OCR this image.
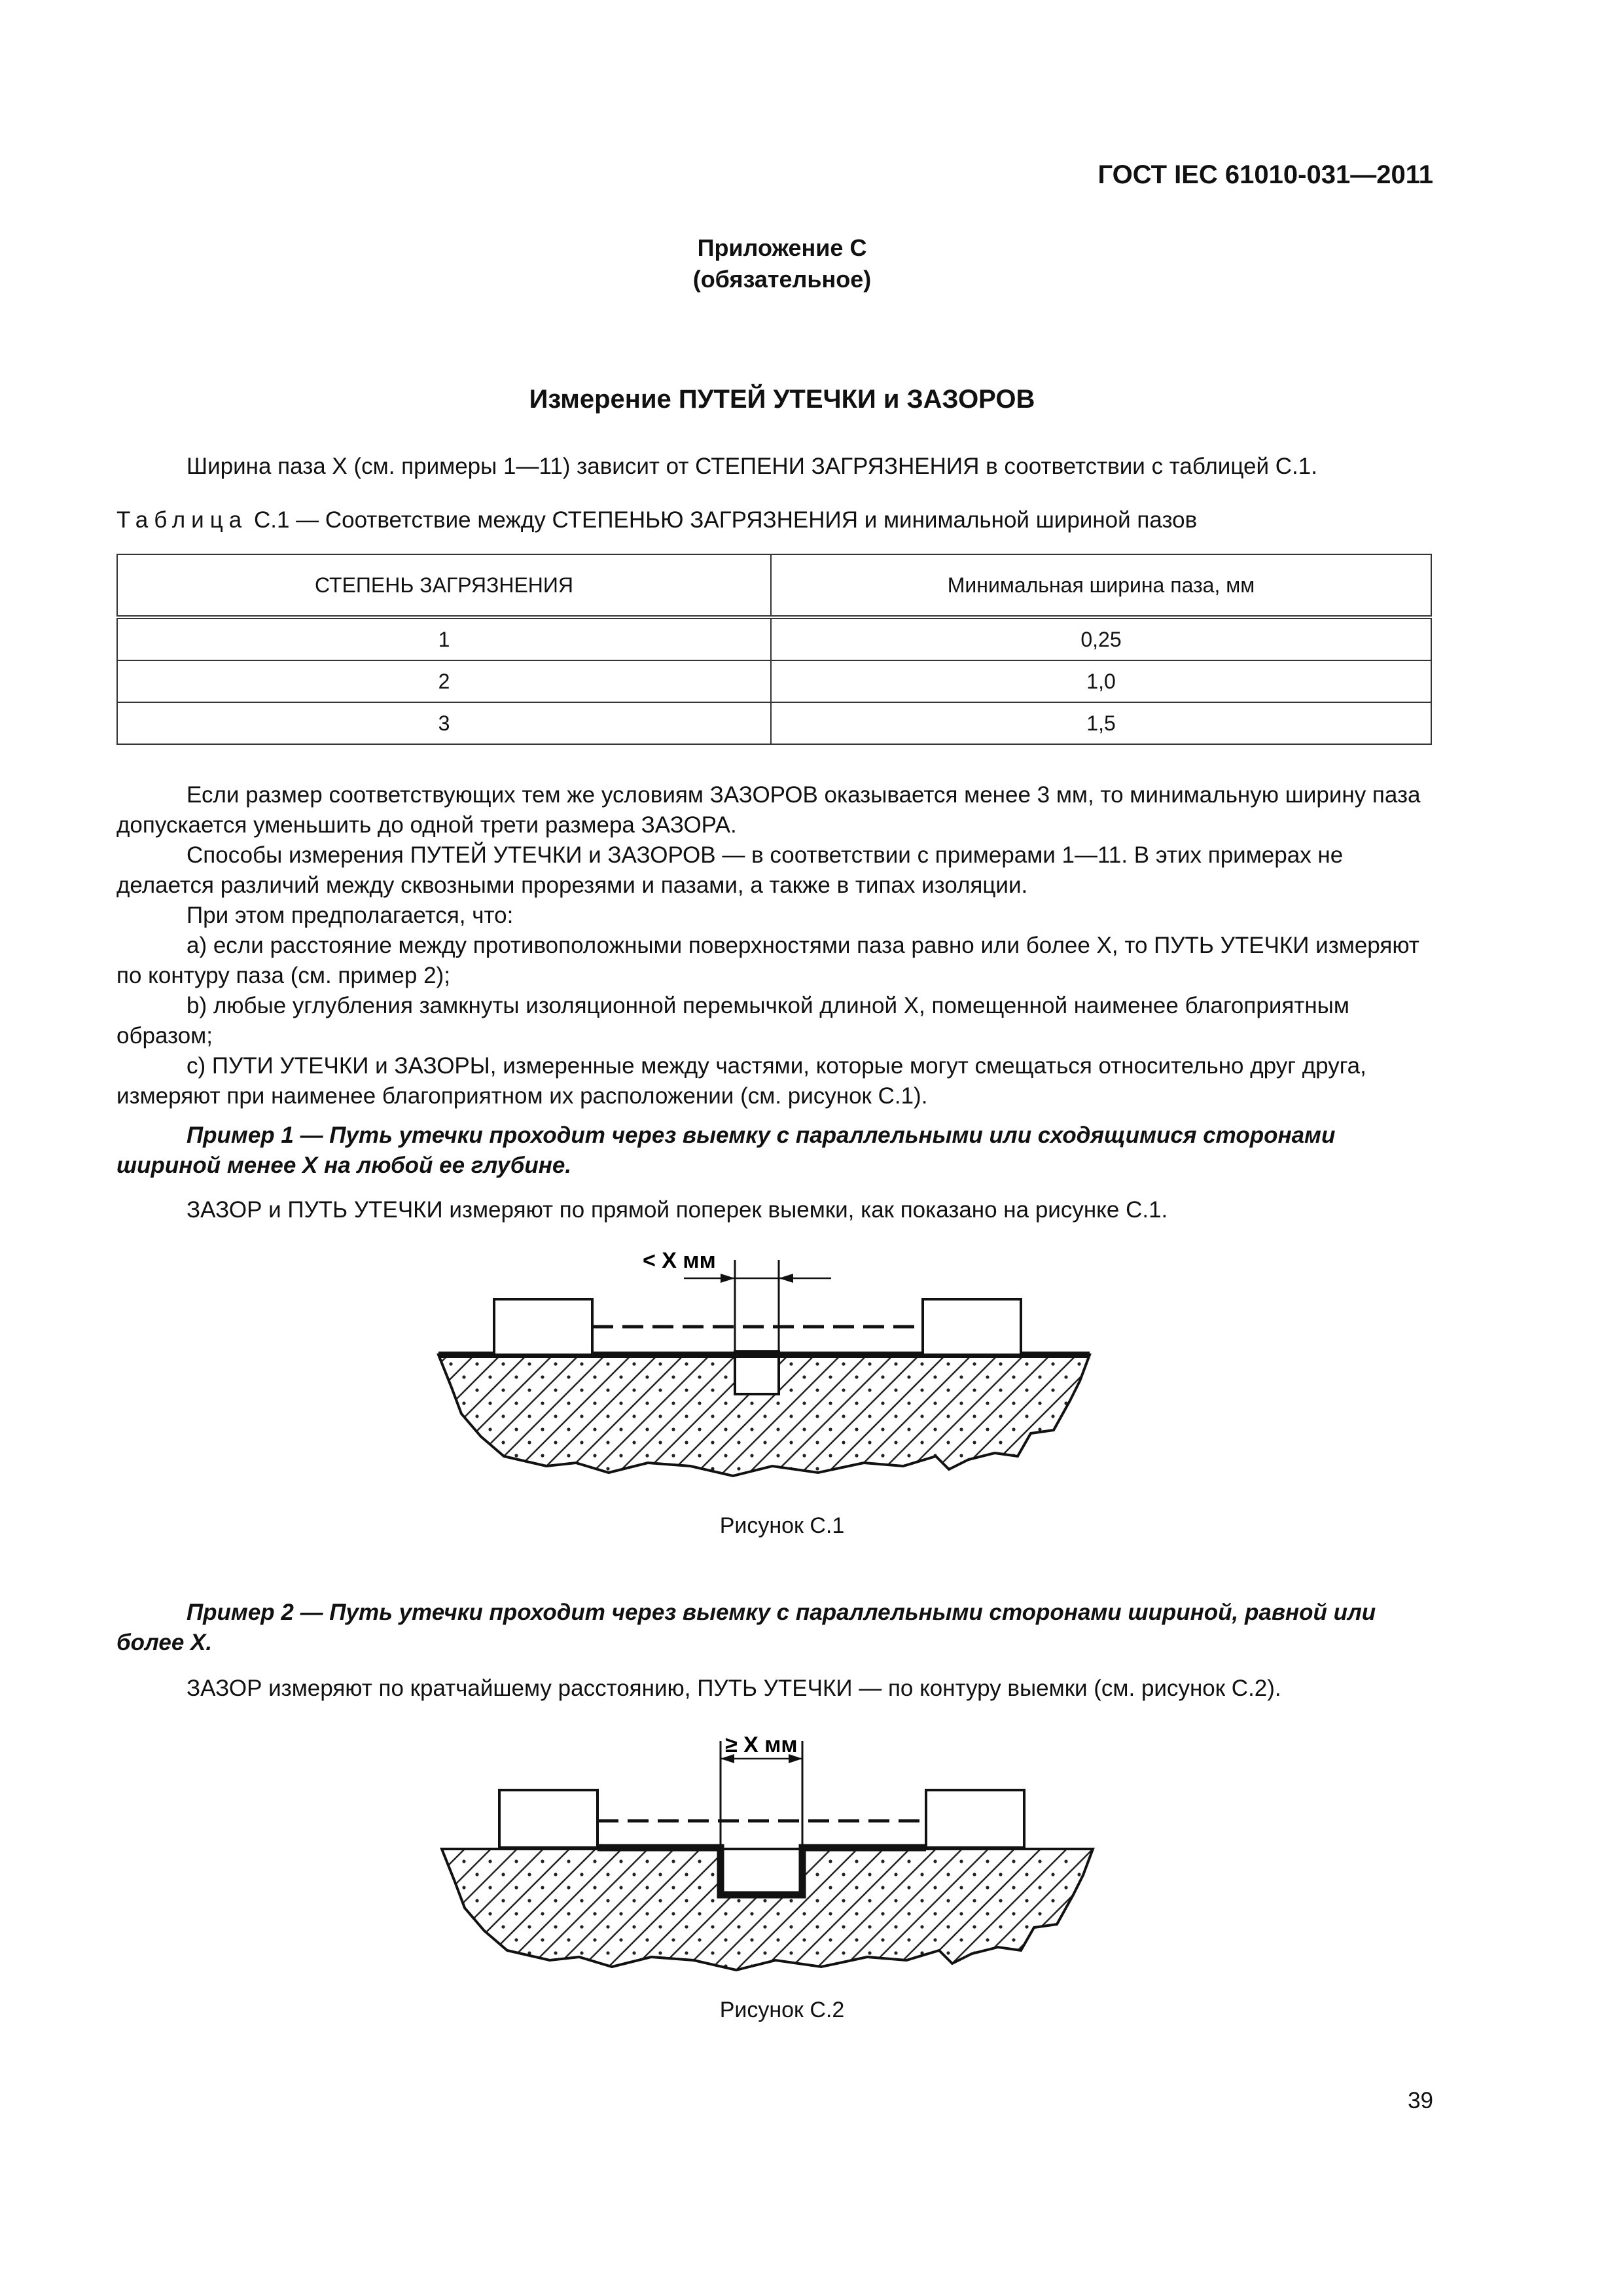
ГОСТ IEC 61010-031—2011
Приложение С
(обязательное)
Измерение ПУТЕЙ УТЕЧКИ и ЗАЗОРОВ
Ширина паза X (см. примеры 1—11) зависит от СТЕПЕНИ ЗАГРЯЗНЕНИЯ в соответствии с таблицей С.1.
Таблица С.1 — Соответствие между СТЕПЕНЬЮ ЗАГРЯЗНЕНИЯ и минимальной шириной пазов
СТЕПЕНЬ ЗАГРЯЗНЕНИЯ	Минимальная ширина паза, мм
1	0,25
2	1,0
3	1,5
Если размер соответствующих тем же условиям ЗАЗОРОВ оказывается менее 3 мм, то минимальную ширину паза допускается уменьшить до одной трети размера ЗАЗОРА.
Способы измерения ПУТЕЙ УТЕЧКИ и ЗАЗОРОВ — в соответствии с примерами 1—11. В этих примерах не делается различий между сквозными прорезями и пазами, а также в типах изоляции.
При этом предполагается, что:
а) если расстояние между противоположными поверхностями паза равно или более X, то ПУТЬ УТЕЧКИ измеряют по контуру паза (см. пример 2);
b) любые углубления замкнуты изоляционной перемычкой длиной X, помещенной наименее благоприятным образом;
с) ПУТИ УТЕЧКИ и ЗАЗОРЫ, измеренные между частями, которые могут смещаться относительно друг друга, измеряют при наименее благоприятном их расположении (см. рисунок С.1).
Пример 1 — Путь утечки проходит через выемку с параллельными или сходящимися сторонами шириной менее X на любой ее глубине.
ЗАЗОР и ПУТЬ УТЕЧКИ измеряют по прямой поперек выемки, как показано на рисунке С.1.
< X мм
Рисунок С.1
Пример 2 — Путь утечки проходит через выемку с параллельными сторонами шириной, равной или более X.
ЗАЗОР измеряют по кратчайшему расстоянию, ПУТЬ УТЕЧКИ — по контуру выемки (см. рисунок С.2).
≥ X мм
Рисунок С.2
39
